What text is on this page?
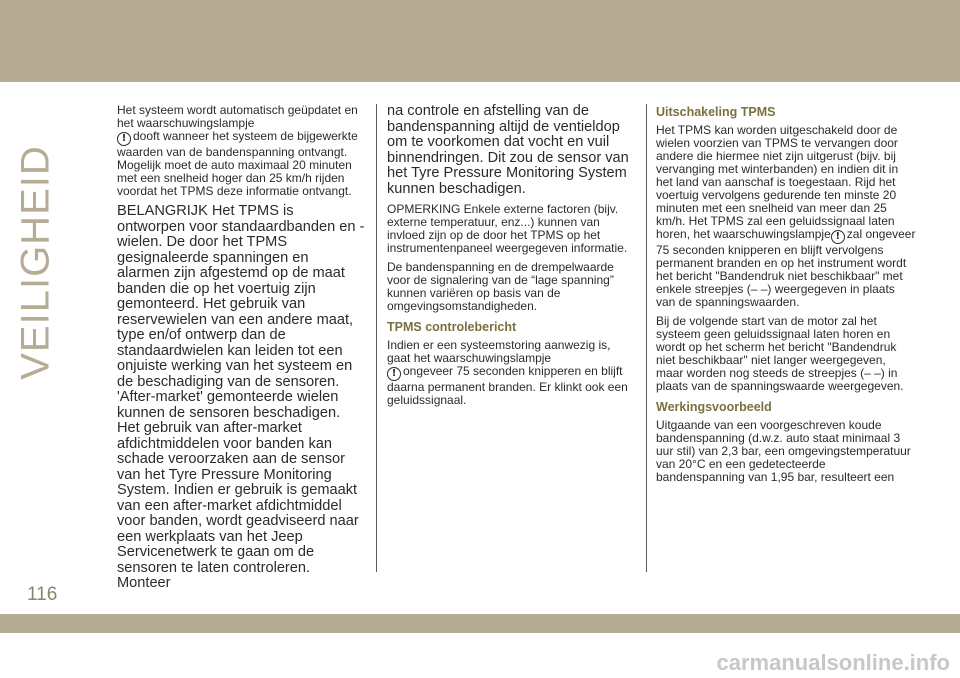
VEILIGHEID

Het systeem wordt automatisch geüpdatet en het waarschuwingslampje
! dooft wanneer het systeem de bijgewerkte waarden van de bandenspanning ontvangt. Mogelijk moet de auto maximaal 20 minuten met een snelheid hoger dan 25 km/h rijden voordat het TPMS deze informatie ontvangt.

BELANGRIJK Het TPMS is ontworpen voor standaardbanden en -wielen. De door het TPMS gesignaleerde spanningen en alarmen zijn afgestemd op de maat banden die op het voertuig zijn gemonteerd. Het gebruik van reservewielen van een andere maat, type en/of ontwerp dan de standaardwielen kan leiden tot een onjuiste werking van het systeem en de beschadiging van de sensoren. 'After-market' gemonteerde wielen kunnen de sensoren beschadigen. Het gebruik van after-market afdichtmiddelen voor banden kan schade veroorzaken aan de sensor van het Tyre Pressure Monitoring System. Indien er gebruik is gemaakt van een after-market afdichtmiddel voor banden, wordt geadviseerd naar een werkplaats van het Jeep Servicenetwerk te gaan om de sensoren te laten controleren. Monteer

na controle en afstelling van de bandenspanning altijd de ventieldop om te voorkomen dat vocht en vuil binnendringen. Dit zou de sensor van het Tyre Pressure Monitoring System kunnen beschadigen.

OPMERKING Enkele externe factoren (bijv. externe temperatuur, enz...) kunnen van invloed zijn op de door het TPMS op het instrumentenpaneel weergegeven informatie.

De bandenspanning en de drempelwaarde voor de signalering van de “lage spanning” kunnen variëren op basis van de omgevingsomstandigheden.

TPMS controlebericht

Indien er een systeemstoring aanwezig is, gaat het waarschuwingslampje
! ongeveer 75 seconden knipperen en blijft daarna permanent branden. Er klinkt ook een geluidssignaal.

Uitschakeling TPMS

Het TPMS kan worden uitgeschakeld door de wielen voorzien van TPMS te vervangen door andere die hiermee niet zijn uitgerust (bijv. bij vervanging met winterbanden) en indien dit in het land van aanschaf is toegestaan. Rijd het voertuig vervolgens gedurende ten minste 20 minuten met een snelheid van meer dan 25 km/h. Het TPMS zal een geluidssignaal laten horen, het waarschuwingslampje ! zal ongeveer 75 seconden knipperen en blijft vervolgens permanent branden en op het instrument wordt het bericht "Bandendruk niet beschikbaar" met enkele streepjes (– –) weergegeven in plaats van de spanningswaarden.

Bij de volgende start van de motor zal het systeem geen geluidssignaal laten horen en wordt op het scherm het bericht "Bandendruk niet beschikbaar" niet langer weergegeven, maar worden nog steeds de streepjes (– –) in plaats van de spanningswaarde weergegeven.

Werkingsvoorbeeld

Uitgaande van een voorgeschreven koude bandenspanning (d.w.z. auto staat minimaal 3 uur stil) van 2,3 bar, een omgevingstemperatuur van 20°C en een gedetecteerde bandenspanning van 1,95 bar, resulteert een

116
carmanualsonline.info
